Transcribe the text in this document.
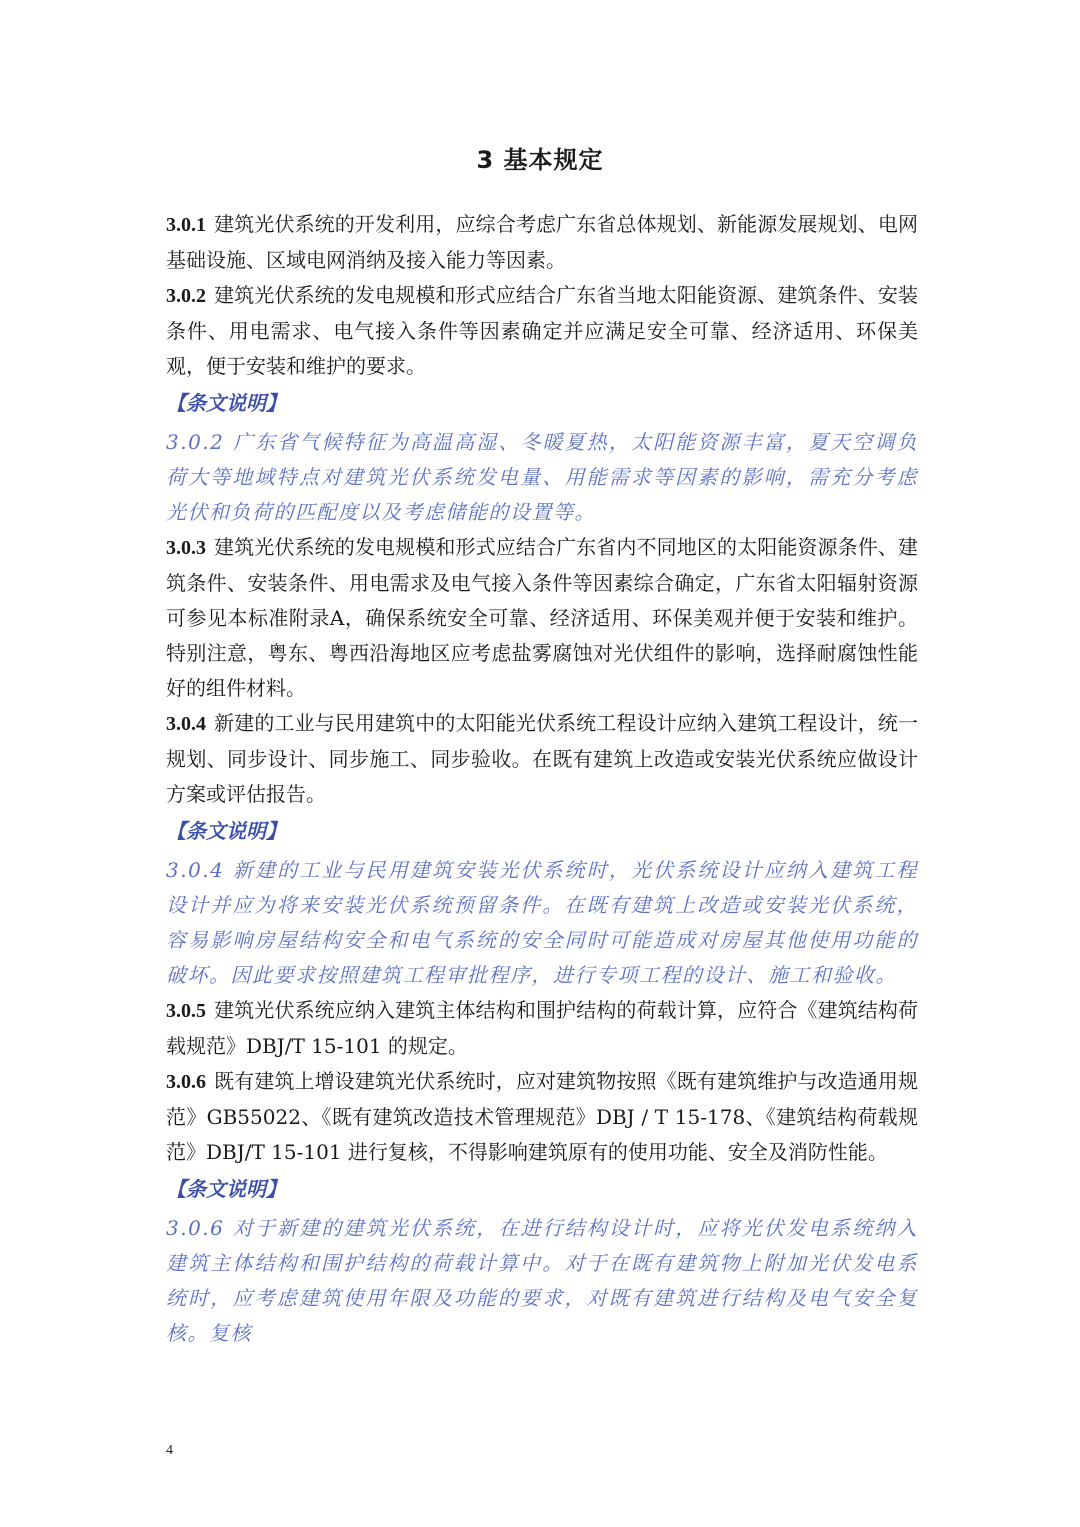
3 基本规定

3.0.1 建筑光伏系统的开发利用，应综合考虑广东省总体规划、新能源发展规划、电网基础设施、区域电网消纳及接入能力等因素。

3.0.2 建筑光伏系统的发电规模和形式应结合广东省当地太阳能资源、建筑条件、安装条件、用电需求、电气接入条件等因素确定并应满足安全可靠、经济适用、环保美观，便于安装和维护的要求。

【条文说明】

3.0.2 广东省气候特征为高温高湿、冬暖夏热，太阳能资源丰富，夏天空调负荷大等地域特点对建筑光伏系统发电量、用能需求等因素的影响，需充分考虑光伏和负荷的匹配度以及考虑储能的设置等。

3.0.3 建筑光伏系统的发电规模和形式应结合广东省内不同地区的太阳能资源条件、建筑条件、安装条件、用电需求及电气接入条件等因素综合确定，广东省太阳辐射资源可参见本标准附录A，确保系统安全可靠、经济适用、环保美观并便于安装和维护。特别注意，粤东、粤西沿海地区应考虑盐雾腐蚀对光伏组件的影响，选择耐腐蚀性能好的组件材料。

3.0.4 新建的工业与民用建筑中的太阳能光伏系统工程设计应纳入建筑工程设计，统一规划、同步设计、同步施工、同步验收。在既有建筑上改造或安装光伏系统应做设计方案或评估报告。

【条文说明】

3.0.4 新建的工业与民用建筑安装光伏系统时，光伏系统设计应纳入建筑工程设计并应为将来安装光伏系统预留条件。在既有建筑上改造或安装光伏系统，容易影响房屋结构安全和电气系统的安全同时可能造成对房屋其他使用功能的破坏。因此要求按照建筑工程审批程序，进行专项工程的设计、施工和验收。

3.0.5 建筑光伏系统应纳入建筑主体结构和围护结构的荷载计算，应符合《建筑结构荷载规范》DBJ/T 15-101 的规定。

3.0.6 既有建筑上增设建筑光伏系统时，应对建筑物按照《既有建筑维护与改造通用规范》GB55022、《既有建筑改造技术管理规范》DBJ / T 15-178、《建筑结构荷载规范》DBJ/T 15-101 进行复核，不得影响建筑原有的使用功能、安全及消防性能。

【条文说明】

3.0.6 对于新建的建筑光伏系统，在进行结构设计时，应将光伏发电系统纳入建筑主体结构和围护结构的荷载计算中。对于在既有建筑物上附加光伏发电系统时，应考虑建筑使用年限及功能的要求，对既有建筑进行结构及电气安全复核。复核

4
